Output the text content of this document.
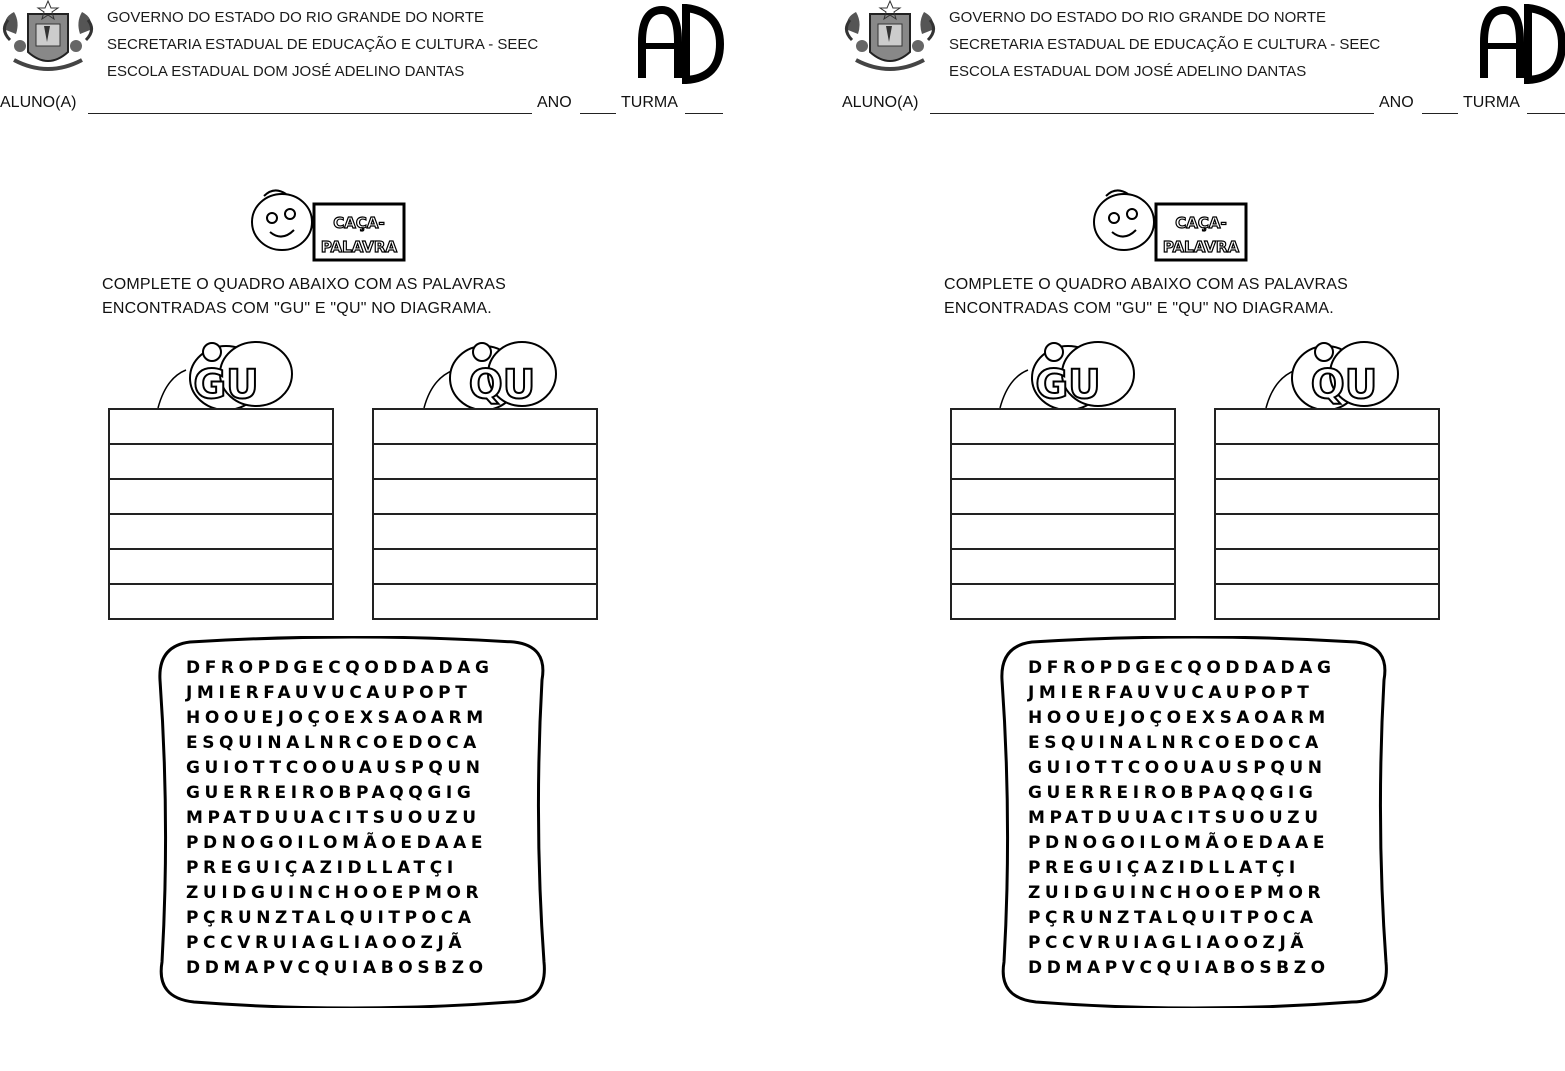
GOVERNO DO ESTADO DO RIO GRANDE DO NORTE
SECRETARIA ESTADUAL DE EDUCAÇÃO E CULTURA - SEEC
ESCOLA ESTADUAL DOM JOSÉ ADELINO DANTAS
ALUNO(A)	ANO	TURMA
CAÇA-
PALAVRA
COMPLETE O QUADRO ABAIXO COM AS PALAVRAS
ENCONTRADAS COM "GU" E "QU" NO DIAGRAMA.
GU	QU
DFROPDGECQODDADAG
JMIERFAUVUCAUPOPT
HOOUEJOÇOEXSAOARM
ESQUINALNRCOEDOCA
GUIOTTCOOUAUSPQUN
GUERREIROBPAQQGIG
MPATDUUACITSUOUZU
PDNOGOILOMÃOEDAAE
PREGUIÇAZIDLLATÇI
ZUIDGUINCHOOEPMOR
PÇRUNZTALQUITPOCA
PCCVRUIAGLIAOOZJÃ
DDMAPVCQUIABOSBZO
GOVERNO DO ESTADO DO RIO GRANDE DO NORTE
SECRETARIA ESTADUAL DE EDUCAÇÃO E CULTURA - SEEC
ESCOLA ESTADUAL DOM JOSÉ ADELINO DANTAS
ALUNO(A)	ANO	TURMA
CAÇA-
PALAVRA
COMPLETE O QUADRO ABAIXO COM AS PALAVRAS
ENCONTRADAS COM "GU" E "QU" NO DIAGRAMA.
GU	QU
DFROPDGECQODDADAG
JMIERFAUVUCAUPOPT
HOOUEJOÇOEXSAOARM
ESQUINALNRCOEDOCA
GUIOTTCOOUAUSPQUN
GUERREIROBPAQQGIG
MPATDUUACITSUOUZU
PDNOGOILOMÃOEDAAE
PREGUIÇAZIDLLATÇI
ZUIDGUINCHOOEPMOR
PÇRUNZTALQUITPOCA
PCCVRUIAGLIAOOZJÃ
DDMAPVCQUIABOSBZO
